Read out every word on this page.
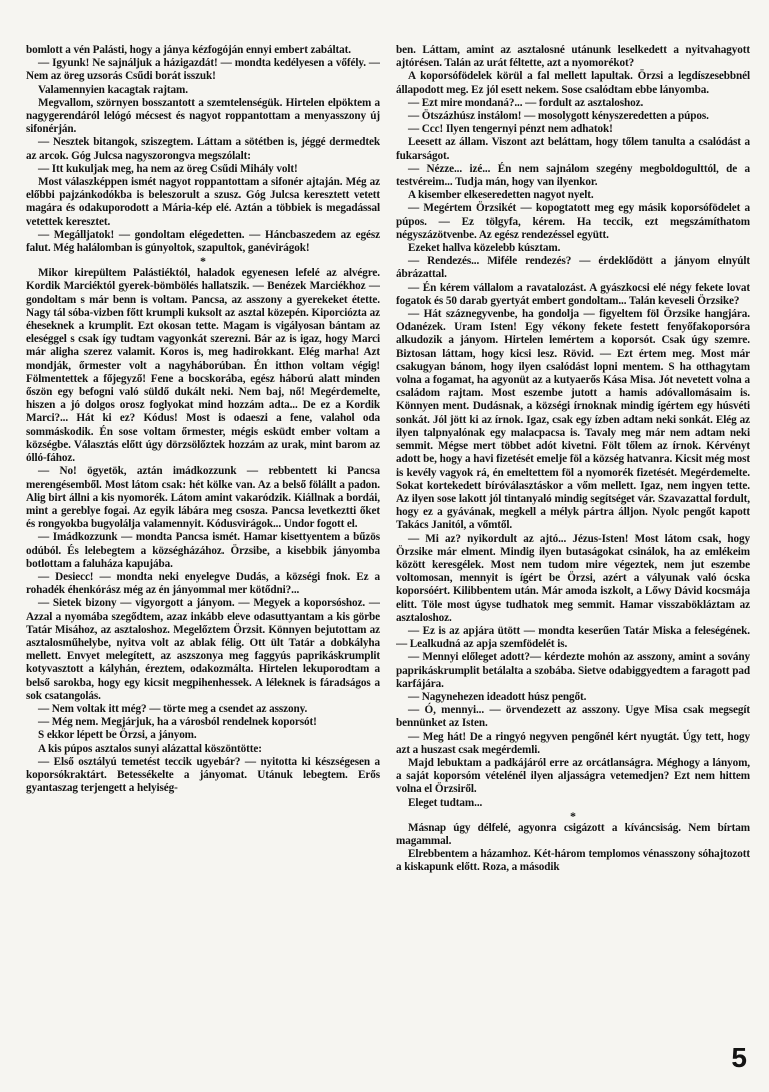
bomlott a vén Palásti, hogy a jánya kézfogóján ennyi embert zabáltat.

— Igyunk! Ne sajnáljuk a házigazdát! — mondta kedélyesen a vőfély. — Nem az öreg uzsorás Csűdi borát isszuk!

Valamennyien kacagtak rajtam.

Megvallom, szörnyen bosszantott a szemtelenségük. Hirtelen elpöktem a nagygerendáról lelógó mécsest és nagyot roppantottam a menyasszony új sifonérján.

— Nesztek bitangok, sziszegtem. Láttam a sötétben is, jéggé dermedtek az arcok. Góg Julcsa nagyszorongva megszólalt:

— Itt kukuljak meg, ha nem az öreg Csűdi Mihály volt!

Most válaszképpen ismét nagyot roppantottam a sifonér ajtaján. Még az előbbi pajzánkodókba is beleszorult a szusz. Góg Julcsa keresztett vetett magára és odakuporodott a Mária-kép elé. Aztán a többiek is megadással vetettek keresztet.

— Megálljatok! — gondoltam elégedetten. — Háncbaszedem az egész falut. Még halálomban is gúnyoltok, szapultok, ganévirágok!

*

Mikor kirepültem Palástiéktól, haladok egyenesen lefelé az alvégre. Kordik Marciéktól gyerek-bömbölés hallatszik. — Benézek Marciékhoz — gondoltam s már benn is voltam. Pancsa, az asszony a gyerekeket étette. Nagy tál sóba-vizben főtt krumpli kuksolt az asztal közepén. Kiporciózta az éheseknek a krumplit. Ezt okosan tette. Magam is vigályosan bántam az eleséggel s csak így tudtam vagyonkát szerezni. Bár az is igaz, hogy Marci már aligha szerez valamit. Koros is, meg hadirokkant. Elég marha! Azt mondják, őrmester volt a nagyháborúban. Én itthon voltam végig! Fölmentettek a főjegyző! Fene a bocskorába, egész háború alatt minden őszön egy befogni való süldő dukált neki. Nem baj, nő! Megérdemelte, hiszen a jó dolgos orosz foglyokat mind hozzám adta... De ez a Kordik Marci?... Hát ki ez? Kódus! Most is odaeszi a fene, valahol oda sommáskodik. Én sose voltam őrmester, mégis esküdt ember voltam a községbe. Választás előtt úgy dörzsölőztek hozzám az urak, mint barom az ólló-fához.

— No! ögyetök, aztán imádkozzunk — rebbentett ki Pancsa merengésemből. Most látom csak: hét kölke van. Az a belső fölállt a padon. Alig birt állni a kis nyomorék. Látom amint vakaródzik. Kiállnak a bordái, mint a gereblye fogai. Az egyik lábára meg csosza. Pancsa levetkeztti őket és rongyokba bugyolálja valamennyit. Kódusvirágok... Undor fogott el.

— Imádkozzunk — mondta Pancsa ismét. Hamar kisettyentem a bűzös odúból. És lelebegtem a községházához. Örzsibe, a kisebbik jányomba botlottam a faluháza kapujába.

— Desiecc! — mondta neki enyelegve Dudás, a községi fnok. Ez a rohadék éhenkórász még az én jányommal mer kötődni?...

— Sietek bizony — vigyorgott a jányom. — Megyek a koporsóshoz. — Azzal a nyomába szegődtem, azaz inkább eleve odasuttyantam a kis görbe Tatár Misához, az asztaloshoz. Megelőztem Örzsit. Könnyen bejutottam az asztalosműhelybe, nyitva volt az ablak félig. Ott ült Tatár a dobkályha mellett. Envyet melegített, az aszszonya meg faggyús paprikáskrumplit kotyvasztott a kályhán, éreztem, odakozmálta. Hirtelen lekuporodtam a belső sarokba, hogy egy kicsit megpihenhessek. A léleknek is fáradságos a sok csatangolás.

— Nem voltak itt még? — törte meg a csendet az asszony.

— Még nem. Megjárjuk, ha a városból rendelnek koporsót!

S ekkor lépett be Örzsi, a jányom.

A kis púpos asztalos sunyi alázattal köszöntötte:

— Első osztályú temetést teccik ugyebár? — nyitotta ki készségesen a koporsókraktárt. Betessékelte a jányomat. Utánuk lebegtem. Erős gyantaszag terjengett a helyiség-

ben. Láttam, amint az asztalosné utánunk leselkedett a nyitvahagyott ajtórésen. Talán az urát féltette, azt a nyomorékot?

A koporsófödelek körül a fal mellett lapultak. Örzsi a legdíszesebbnél állapodott meg. Ez jól esett nekem. Sose csalódtam ebbe lányomba.

— Ezt mire mondaná?... — fordult az asztaloshoz.

— Ötszázhúsz instálom! — mosolygott kényszeredetten a púpos.

— Ccc! Ilyen tengernyi pénzt nem adhatok!

Leesett az állam. Viszont azt beláttam, hogy tőlem tanulta a csalódást a fukarságot.

— Nézze... izé... Én nem sajnálom szegény megboldogulttól, de a testvéreim... Tudja mán, hogy van ilyenkor.

A kisember elkeseredetten nagyot nyelt.

— Megértem Örzsikét — kopogtatott meg egy másik koporsófödelet a púpos. — Ez tölgyfa, kérem. Ha teccik, ezt megszámíthatom négyszázötvenbe. Az egész rendezéssel együtt.

Ezeket hallva közelebb kúsztam.

— Rendezés... Miféle rendezés? — érdeklődött a jányom elnyúlt ábrázattal.

— Én kérem vállalom a ravatalozást. A gyászkocsi elé négy fekete lovat fogatok és 50 darab gyertyát embert gondoltam... Talán keveseli Örzsike?

— Hát száznegyvenbe, ha gondolja — figyeltem föl Örzsike hangjára. Odanézek. Uram Isten! Egy vékony fekete festett fenyőfakoporsóra alkudozik a jányom. Hirtelen lemértem a koporsót. Csak úgy szemre. Biztosan láttam, hogy kicsi lesz. Rövid. — Ezt értem meg. Most már csakugyan bánom, hogy ilyen csalódást lopni mentem. S ha otthagytam volna a fogamat, ha agyonüt az a kutyaerős Kása Misa. Jót nevetett volna a családom rajtam. Most eszembe jutott a hamis adóvallomásaim is. Könnyen ment. Dudásnak, a községi írnoknak mindig ígértem egy húsvéti sonkát. Jól jött ki az írnok. Igaz, csak egy ízben adtam neki sonkát. Elég az ilyen talpnyalónak egy malacpacsa is. Tavaly meg már nem adtam neki semmit. Mégse mert többet adót kivetni. Fölt tőlem az írnok. Kérvényt adott be, hogy a havi fizetését emelje föl a község hatvanra. Kicsit még most is kevély vagyok rá, én emeltettem föl a nyomorék fizetését. Megérdemelte. Sokat kortekedett bíróválasztáskor a vőm mellett. Igaz, nem ingyen tette. Az ilyen sose lakott jól tintanyaló mindig segítséget vár. Szavazattal fordult, hogy ez a gyávának, megkell a mélyk pártra álljon. Nyolc pengőt kapott Takács Janitól, a vőmtől.

— Mi az? nyikordult az ajtó... Jézus-Isten! Most látom csak, hogy Örzsike már elment. Mindig ilyen butaságokat csinálok, ha az emlékeim között keresgélek. Most nem tudom mire végeztek, nem jut eszembe voltomosan, mennyit is ígért be Örzsi, azért a vályunak való ócska koporsóért. Kilibbentem után. Már amoda iszkolt, a Lőwy Dávid kocsmája elitt. Töle most úgyse tudhatok meg semmit. Hamar visszabökláztam az asztaloshoz.

— Ez is az apjára ütött — mondta keserűen Tatár Miska a feleségének. — Lealkudná az apja szemfödelét is.

— Mennyi előleget adott?— kérdezte mohón az asszony, amint a sovány paprikáskrumplit betálalta a szobába. Sietve odabiggyedtem a faragott pad karfájára.

— Nagynehezen ideadott húsz pengőt.

— Ó, mennyi... — örvendezett az asszony. Ugye Misa csak megsegít bennünket az Isten.

— Meg hát! De a ringyó negyven pengőnél kért nyugtát. Úgy tett, hogy azt a huszast csak megérdemli.

Majd lebuktam a padkájáról erre az orcátlanságra. Méghogy a lányom, a saját koporsóm vételénél ilyen aljasságra vetemedjen? Ezt nem hittem volna el Örzsiről.

Eleget tudtam...

*

Másnap úgy délfelé, agyonra csigázott a kíváncsiság. Nem bírtam magammal.

Elrebbentem a házamhoz. Két-három templomos vénasszony sóhajtozott a kiskapunk előtt. Roza, a második

5
